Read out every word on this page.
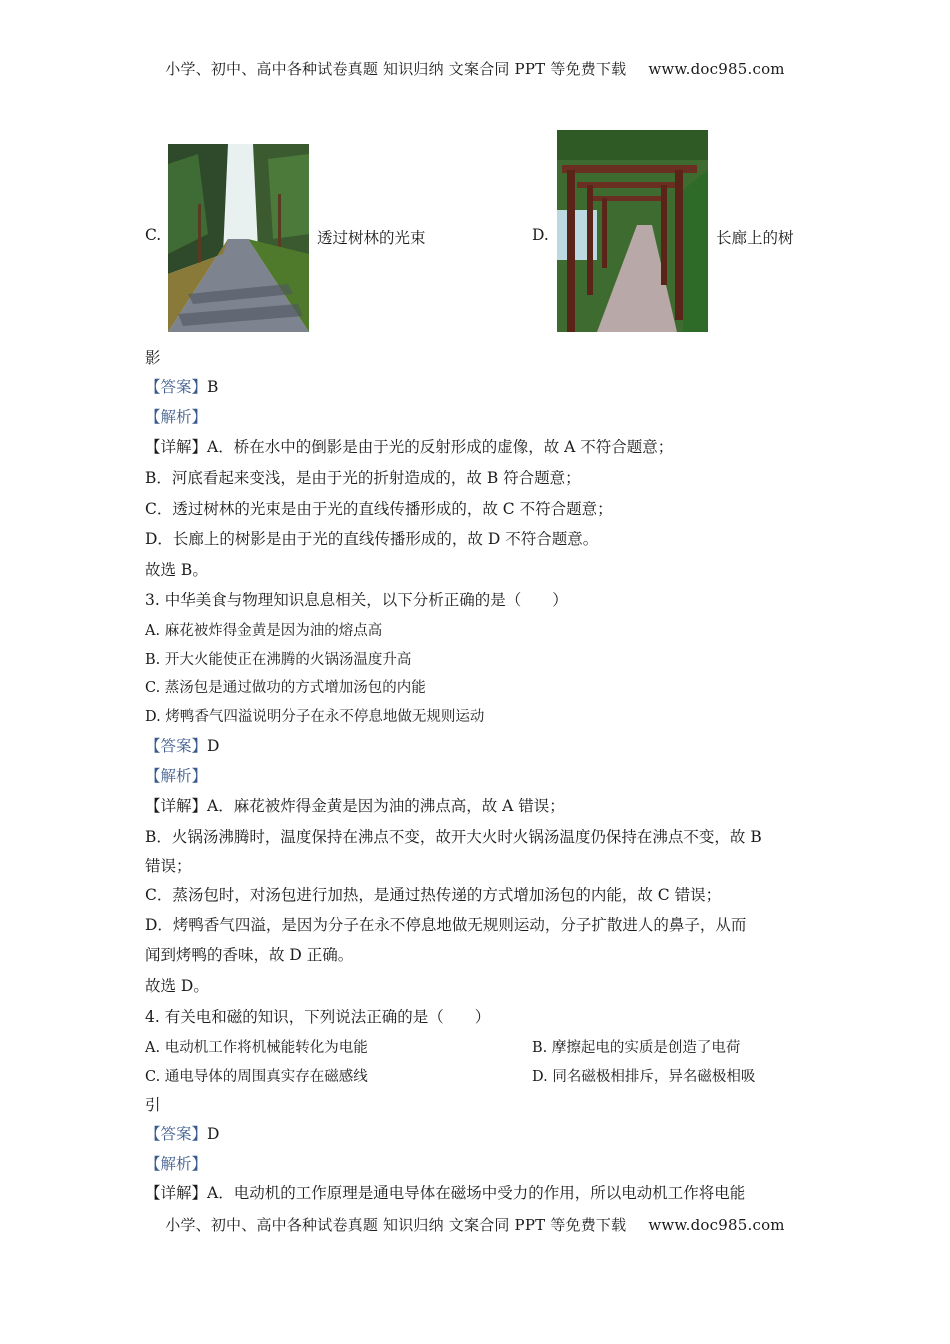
小学、初中、高中各种试卷真题 知识归纳 文案合同 PPT 等免费下载 www.doc985.com
C.	透过树林的光束	D.	长廊上的树
影
【答案】B
【解析】
【详解】A．桥在水中的倒影是由于光的反射形成的虚像，故 A 不符合题意；
B．河底看起来变浅，是由于光的折射造成的，故 B 符合题意；
C．透过树林的光束是由于光的直线传播形成的，故 C 不符合题意；
D．长廊上的树影是由于光的直线传播形成的，故 D 不符合题意。
故选 B。
3. 中华美食与物理知识息息相关，以下分析正确的是（　　）
A. 麻花被炸得金黄是因为油的熔点高
B. 开大火能使正在沸腾的火锅汤温度升高
C. 蒸汤包是通过做功的方式增加汤包的内能
D. 烤鸭香气四溢说明分子在永不停息地做无规则运动
【答案】D
【解析】
【详解】A．麻花被炸得金黄是因为油的沸点高，故 A 错误；
B．火锅汤沸腾时，温度保持在沸点不变，故开大火时火锅汤温度仍保持在沸点不变，故 B
错误；
C．蒸汤包时，对汤包进行加热，是通过热传递的方式增加汤包的内能，故 C 错误；
D．烤鸭香气四溢，是因为分子在永不停息地做无规则运动，分子扩散进人的鼻子，从而
闻到烤鸭的香味，故 D 正确。
故选 D。
4. 有关电和磁的知识，下列说法正确的是（　　）
A. 电动机工作将机械能转化为电能	B. 摩擦起电的实质是创造了电荷
C. 通电导体的周围真实存在磁感线	D. 同名磁极相排斥，异名磁极相吸
引
【答案】D
【解析】
【详解】A．电动机的工作原理是通电导体在磁场中受力的作用，所以电动机工作将电能
小学、初中、高中各种试卷真题 知识归纳 文案合同 PPT 等免费下载 www.doc985.com
